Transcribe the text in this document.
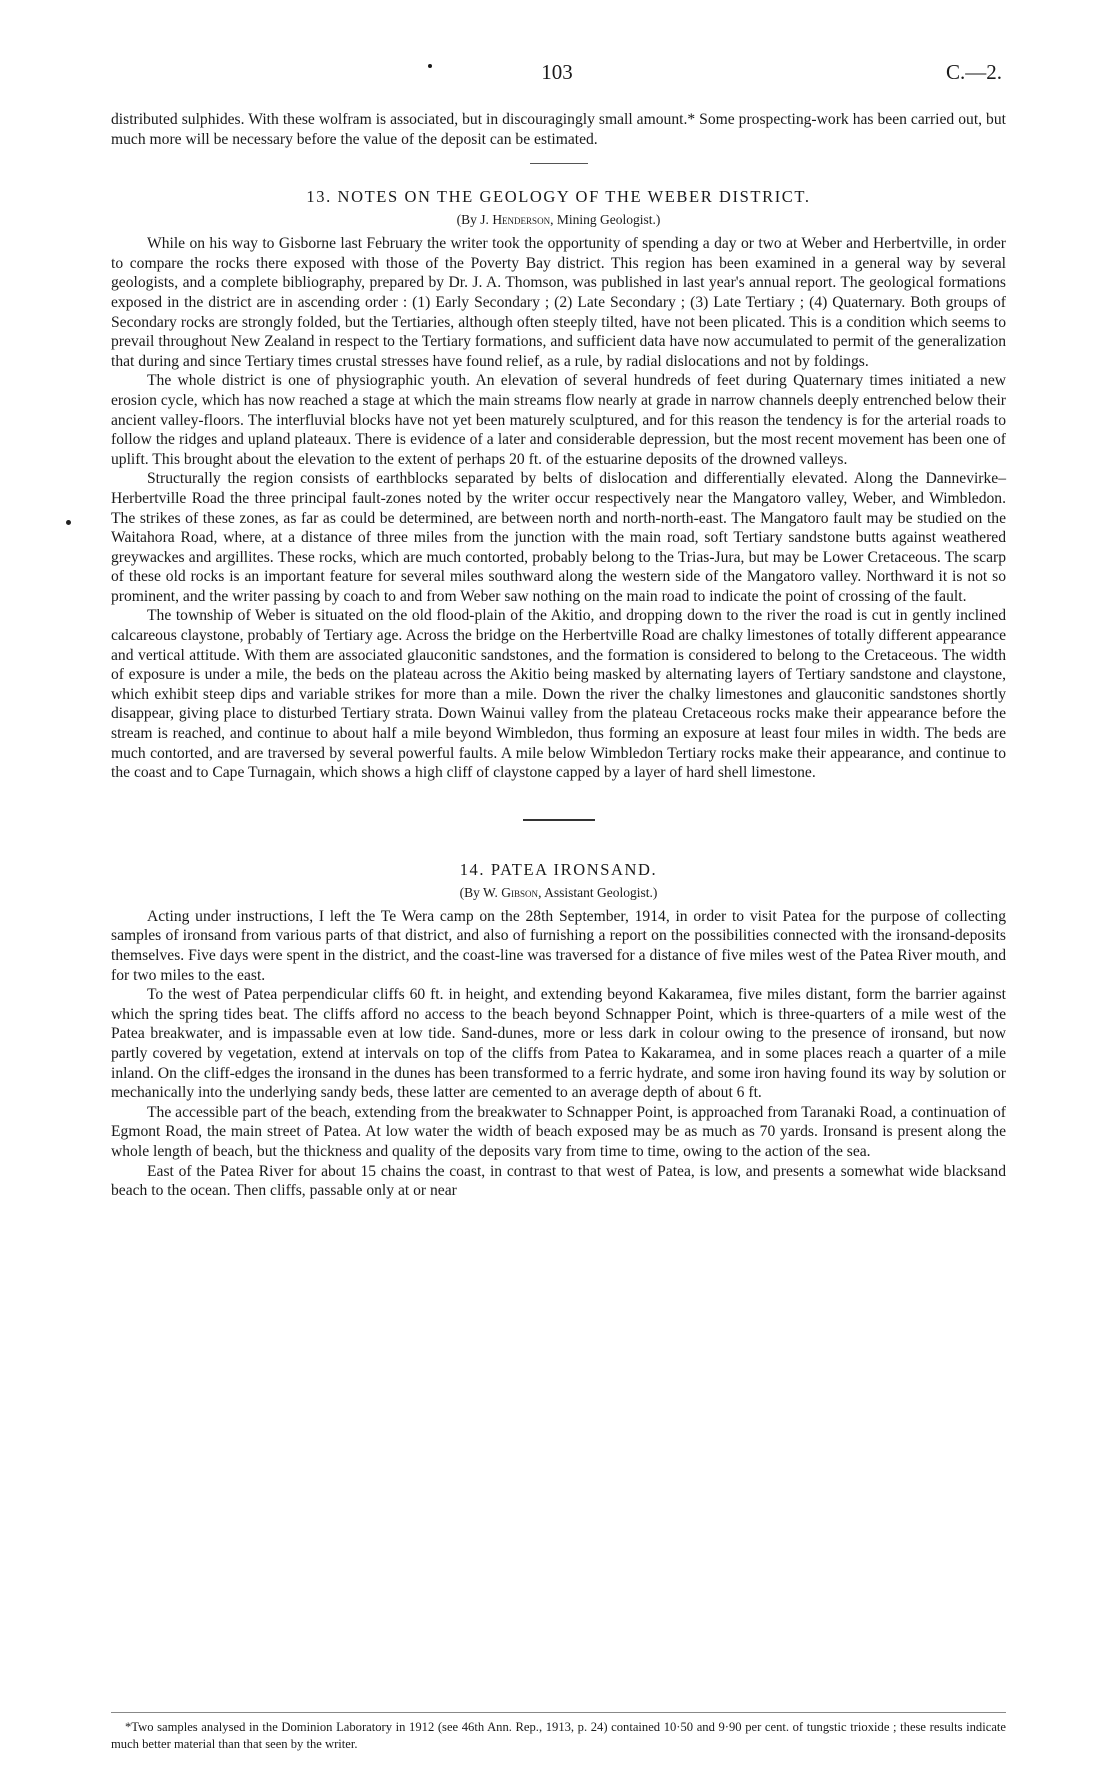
103	C.—2.

distributed sulphides. With these wolfram is associated, but in discouragingly small amount.* Some prospecting-work has been carried out, but much more will be necessary before the value of the deposit can be estimated.

13. NOTES ON THE GEOLOGY OF THE WEBER DISTRICT.
(By J. Henderson, Mining Geologist.)

While on his way to Gisborne last February the writer took the opportunity of spending a day or two at Weber and Herbertville, in order to compare the rocks there exposed with those of the Poverty Bay district. This region has been examined in a general way by several geologists, and a complete bibliography, prepared by Dr. J. A. Thomson, was published in last year's annual report. The geological formations exposed in the district are in ascending order : (1) Early Secondary ; (2) Late Secondary ; (3) Late Tertiary ; (4) Quaternary. Both groups of Secondary rocks are strongly folded, but the Tertiaries, although often steeply tilted, have not been plicated. This is a condition which seems to prevail throughout New Zealand in respect to the Tertiary formations, and sufficient data have now accumulated to permit of the generalization that during and since Tertiary times crustal stresses have found relief, as a rule, by radial dislocations and not by foldings.

The whole district is one of physiographic youth. An elevation of several hundreds of feet during Quaternary times initiated a new erosion cycle, which has now reached a stage at which the main streams flow nearly at grade in narrow channels deeply entrenched below their ancient valley-floors. The interfluvial blocks have not yet been maturely sculptured, and for this reason the tendency is for the arterial roads to follow the ridges and upland plateaux. There is evidence of a later and considerable depression, but the most recent movement has been one of uplift. This brought about the elevation to the extent of perhaps 20 ft. of the estuarine deposits of the drowned valleys.

Structurally the region consists of earthblocks separated by belts of dislocation and differentially elevated. Along the Dannevirke–Herbertville Road the three principal fault-zones noted by the writer occur respectively near the Mangatoro valley, Weber, and Wimbledon. The strikes of these zones, as far as could be determined, are between north and north-north-east. The Mangatoro fault may be studied on the Waitahora Road, where, at a distance of three miles from the junction with the main road, soft Tertiary sandstone butts against weathered greywackes and argillites. These rocks, which are much contorted, probably belong to the Trias-Jura, but may be Lower Cretaceous. The scarp of these old rocks is an important feature for several miles southward along the western side of the Mangatoro valley. Northward it is not so prominent, and the writer passing by coach to and from Weber saw nothing on the main road to indicate the point of crossing of the fault.

The township of Weber is situated on the old flood-plain of the Akitio, and dropping down to the river the road is cut in gently inclined calcareous claystone, probably of Tertiary age. Across the bridge on the Herbertville Road are chalky limestones of totally different appearance and vertical attitude. With them are associated glauconitic sandstones, and the formation is considered to belong to the Cretaceous. The width of exposure is under a mile, the beds on the plateau across the Akitio being masked by alternating layers of Tertiary sandstone and claystone, which exhibit steep dips and variable strikes for more than a mile. Down the river the chalky limestones and glauconitic sandstones shortly disappear, giving place to disturbed Tertiary strata. Down Wainui valley from the plateau Cretaceous rocks make their appearance before the stream is reached, and continue to about half a mile beyond Wimbledon, thus forming an exposure at least four miles in width. The beds are much contorted, and are traversed by several powerful faults. A mile below Wimbledon Tertiary rocks make their appearance, and continue to the coast and to Cape Turnagain, which shows a high cliff of claystone capped by a layer of hard shell limestone.

14. PATEA IRONSAND.
(By W. Gibson, Assistant Geologist.)

Acting under instructions, I left the Te Wera camp on the 28th September, 1914, in order to visit Patea for the purpose of collecting samples of ironsand from various parts of that district, and also of furnishing a report on the possibilities connected with the ironsand-deposits themselves. Five days were spent in the district, and the coast-line was traversed for a distance of five miles west of the Patea River mouth, and for two miles to the east.

To the west of Patea perpendicular cliffs 60 ft. in height, and extending beyond Kakaramea, five miles distant, form the barrier against which the spring tides beat. The cliffs afford no access to the beach beyond Schnapper Point, which is three-quarters of a mile west of the Patea breakwater, and is impassable even at low tide. Sand-dunes, more or less dark in colour owing to the presence of ironsand, but now partly covered by vegetation, extend at intervals on top of the cliffs from Patea to Kakaramea, and in some places reach a quarter of a mile inland. On the cliff-edges the ironsand in the dunes has been transformed to a ferric hydrate, and some iron having found its way by solution or mechanically into the underlying sandy beds, these latter are cemented to an average depth of about 6 ft.

The accessible part of the beach, extending from the breakwater to Schnapper Point, is approached from Taranaki Road, a continuation of Egmont Road, the main street of Patea. At low water the width of beach exposed may be as much as 70 yards. Ironsand is present along the whole length of beach, but the thickness and quality of the deposits vary from time to time, owing to the action of the sea.

East of the Patea River for about 15 chains the coast, in contrast to that west of Patea, is low, and presents a somewhat wide blacksand beach to the ocean. Then cliffs, passable only at or near

*Two samples analysed in the Dominion Laboratory in 1912 (see 46th Ann. Rep., 1913, p. 24) contained 10·50 and 9·90 per cent. of tungstic trioxide ; these results indicate much better material than that seen by the writer.
